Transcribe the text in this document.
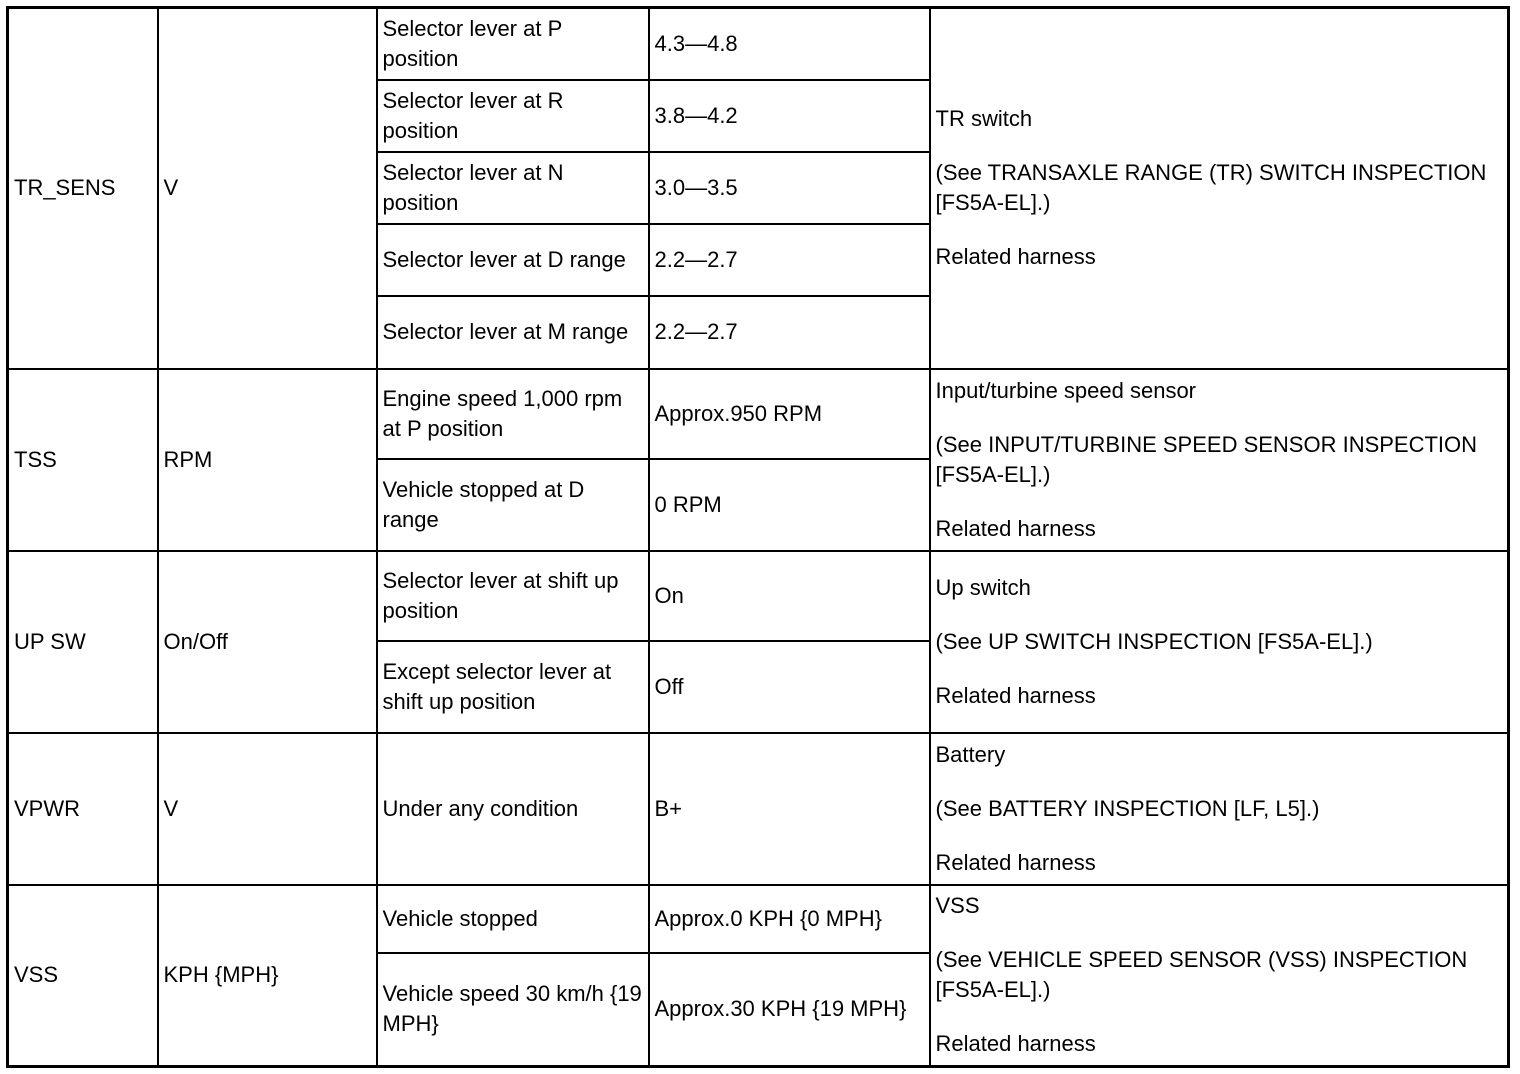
TR_SENS	V	Selector lever at P position	4.3—4.8	TR switch
(See TRANSAXLE RANGE (TR) SWITCH INSPECTION [FS5A-EL].)
Related harness

		Selector lever at R position	3.8—4.2	
		Selector lever at N position	3.0—3.5	
		Selector lever at D range	2.2—2.7	
		Selector lever at M range	2.2—2.7	
TSS	RPM	Engine speed 1,000 rpm at P position	Approx.950 RPM	Input/turbine speed sensor
(See INPUT/TURBINE SPEED SENSOR INSPECTION [FS5A-EL].)
Related harness

		Vehicle stopped at D range	0 RPM	
UP SW	On/Off	Selector lever at shift up position	On	Up switch
(See UP SWITCH INSPECTION [FS5A-EL].)
Related harness

		Except selector lever at shift up position	Off	
VPWR	V	Under any condition	B+	Battery
(See BATTERY INSPECTION [LF, L5].)
Related harness

VSS	KPH {MPH}	Vehicle stopped	Approx.0 KPH {0 MPH}	VSS
(See VEHICLE SPEED SENSOR (VSS) INSPECTION [FS5A-EL].)
Related harness

		Vehicle speed 30 km/h {19 MPH}	Approx.30 KPH {19 MPH}	
